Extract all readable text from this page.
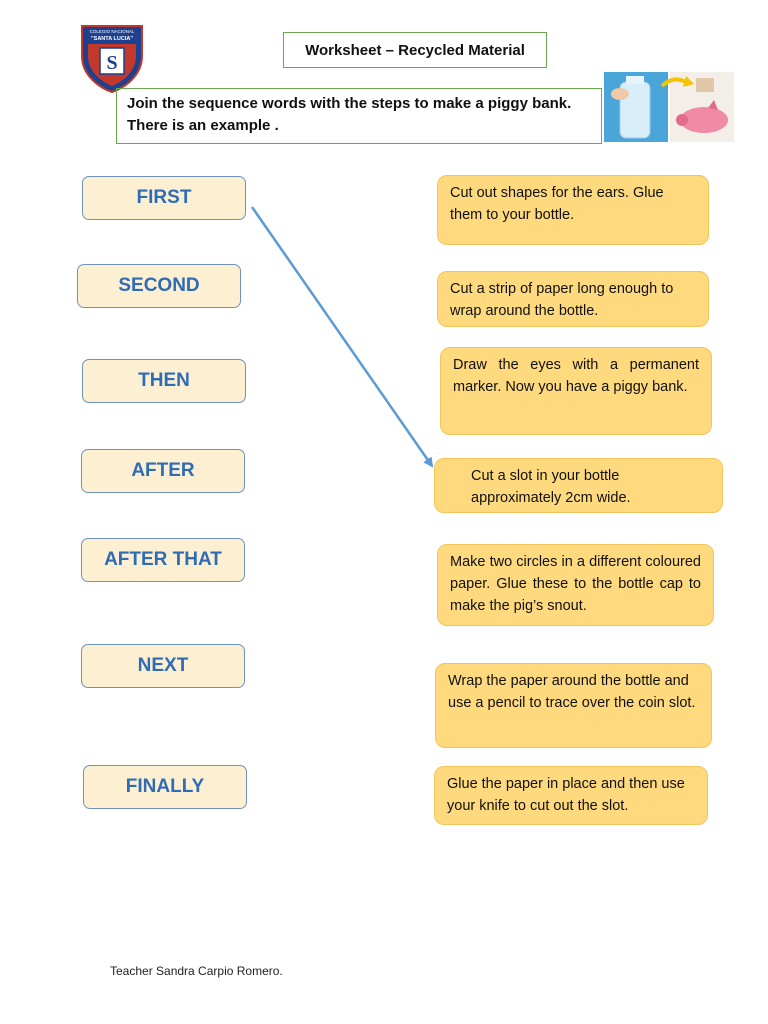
COLEGIO NACIONAL
"SANTA LUCIA"
S
Worksheet – Recycled Material
Join the sequence words with the steps to make a piggy bank.
There is an example .
FIRST
SECOND
THEN
AFTER
AFTER THAT
NEXT
FINALLY
Cut out shapes for the ears. Glue them to your bottle.
Cut a strip of paper long enough to wrap around the bottle.
Draw the eyes with a permanent marker. Now you have a piggy bank.
Cut a slot in your bottle approximately 2cm wide.
Make two circles in a different coloured paper. Glue these to the bottle cap to make the pig’s snout.
Wrap the paper around the bottle and use a pencil to trace over the coin slot.
Glue the paper in place and then use your knife to cut out the slot.
Teacher Sandra Carpio Romero.
